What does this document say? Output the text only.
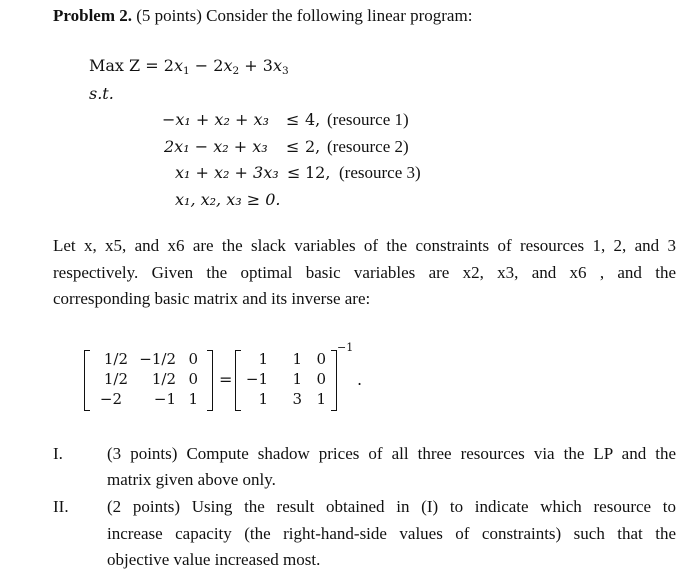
Problem 2. (5 points) Consider the following linear program:
Max $Z = 2x_1 - 2x_2 + 3x_3$
s.t.
−x₁ + x₂ + x₃ ≤ 4, (resource 1)
2x₁ − x₂ + x₃ ≤ 2, (resource 2)
x₁ + x₂ + 3x₃ ≤ 12, (resource 3)
x₁, x₂, x₃ ≥ 0.
Let x, x5, and x6 are the slack variables of the constraints of resources 1, 2, and 3
respectively. Given the optimal basic variables are x2, x3, and x6 , and the
corresponding basic matrix and its inverse are:
1/2 −1/2 0
1/2	1/2 0
−2	−1 1
=
1	1 0
−1	1 0
1	3 1
−1
.
I.	(3 points) Compute shadow prices of all three resources via the LP and the
matrix given above only.
II. (2 points) Using the result obtained in (I) to indicate which resource to
increase capacity (the right-hand-side values of constraints) such that the
objective value increased most.
